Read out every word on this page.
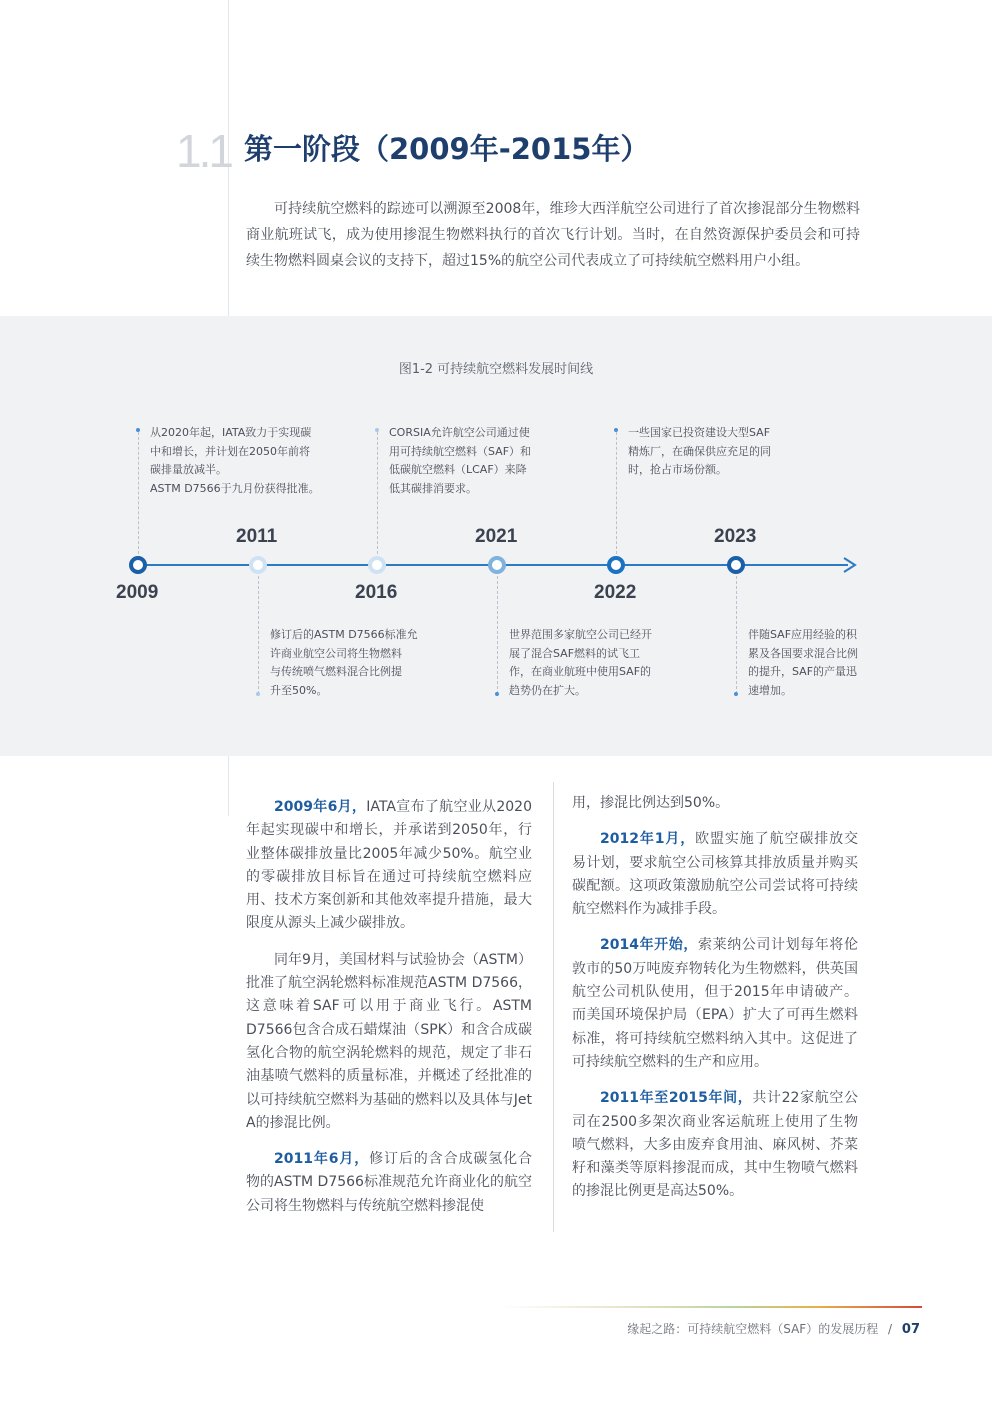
1.1 第一阶段（2009年-2015年）

可持续航空燃料的踪迹可以溯源至2008年，维珍大西洋航空公司进行了首次掺混部分生物燃料商业航班试飞，成为使用掺混生物燃料执行的首次飞行计划。当时，在自然资源保护委员会和可持续生物燃料圆桌会议的支持下，超过15%的航空公司代表成立了可持续航空燃料用户小组。

图1-2 可持续航空燃料发展时间线
2009
2011
2016
2021
2022
2023
从2020年起，IATA致力于实现碳
中和增长，并计划在2050年前将
碳排量放减半。
ASTM D7566于九月份获得批准。
CORSIA允许航空公司通过使
用可持续航空燃料（SAF）和
低碳航空燃料（LCAF）来降
低其碳排消要求。
一些国家已投资建设大型SAF
精炼厂，在确保供应充足的同
时，抢占市场份额。
修订后的ASTM D7566标准允
许商业航空公司将生物燃料
与传统喷气燃料混合比例提
升至50%。
世界范围多家航空公司已经开
展了混合SAF燃料的试飞工
作，在商业航班中使用SAF的
趋势仍在扩大。
伴随SAF应用经验的积
累及各国要求混合比例
的提升，SAF的产量迅
速增加。

2009年6月，IATA宣布了航空业从2020年起实现碳中和增长，并承诺到2050年，行业整体碳排放量比2005年减少50%。航空业的零碳排放目标旨在通过可持续航空燃料应用、技术方案创新和其他效率提升措施，最大限度从源头上减少碳排放。

同年9月，美国材料与试验协会（ASTM）批准了航空涡轮燃料标准规范ASTM D7566，这意味着SAF可以用于商业飞行。ASTM D7566包含合成石蜡煤油（SPK）和含合成碳氢化合物的航空涡轮燃料的规范，规定了非石油基喷气燃料的质量标准，并概述了经批准的以可持续航空燃料为基础的燃料以及具体与Jet A的掺混比例。

2011年6月，修订后的含合成碳氢化合物的ASTM D7566标准规范允许商业化的航空公司将生物燃料与传统航空燃料掺混使

用，掺混比例达到50%。

2012年1月，欧盟实施了航空碳排放交易计划，要求航空公司核算其排放质量并购买碳配额。这项政策激励航空公司尝试将可持续航空燃料作为减排手段。

2014年开始，索莱纳公司计划每年将伦敦市的50万吨废弃物转化为生物燃料，供英国航空公司机队使用，但于2015年申请破产。而美国环境保护局（EPA）扩大了可再生燃料标准，将可持续航空燃料纳入其中。这促进了可持续航空燃料的生产和应用。

2011年至2015年间，共计22家航空公司在2500多架次商业客运航班上使用了生物喷气燃料，大多由废弃食用油、麻风树、芥菜籽和藻类等原料掺混而成，其中生物喷气燃料的掺混比例更是高达50%。

缘起之路：可持续航空燃料（SAF）的发展历程 / 07
